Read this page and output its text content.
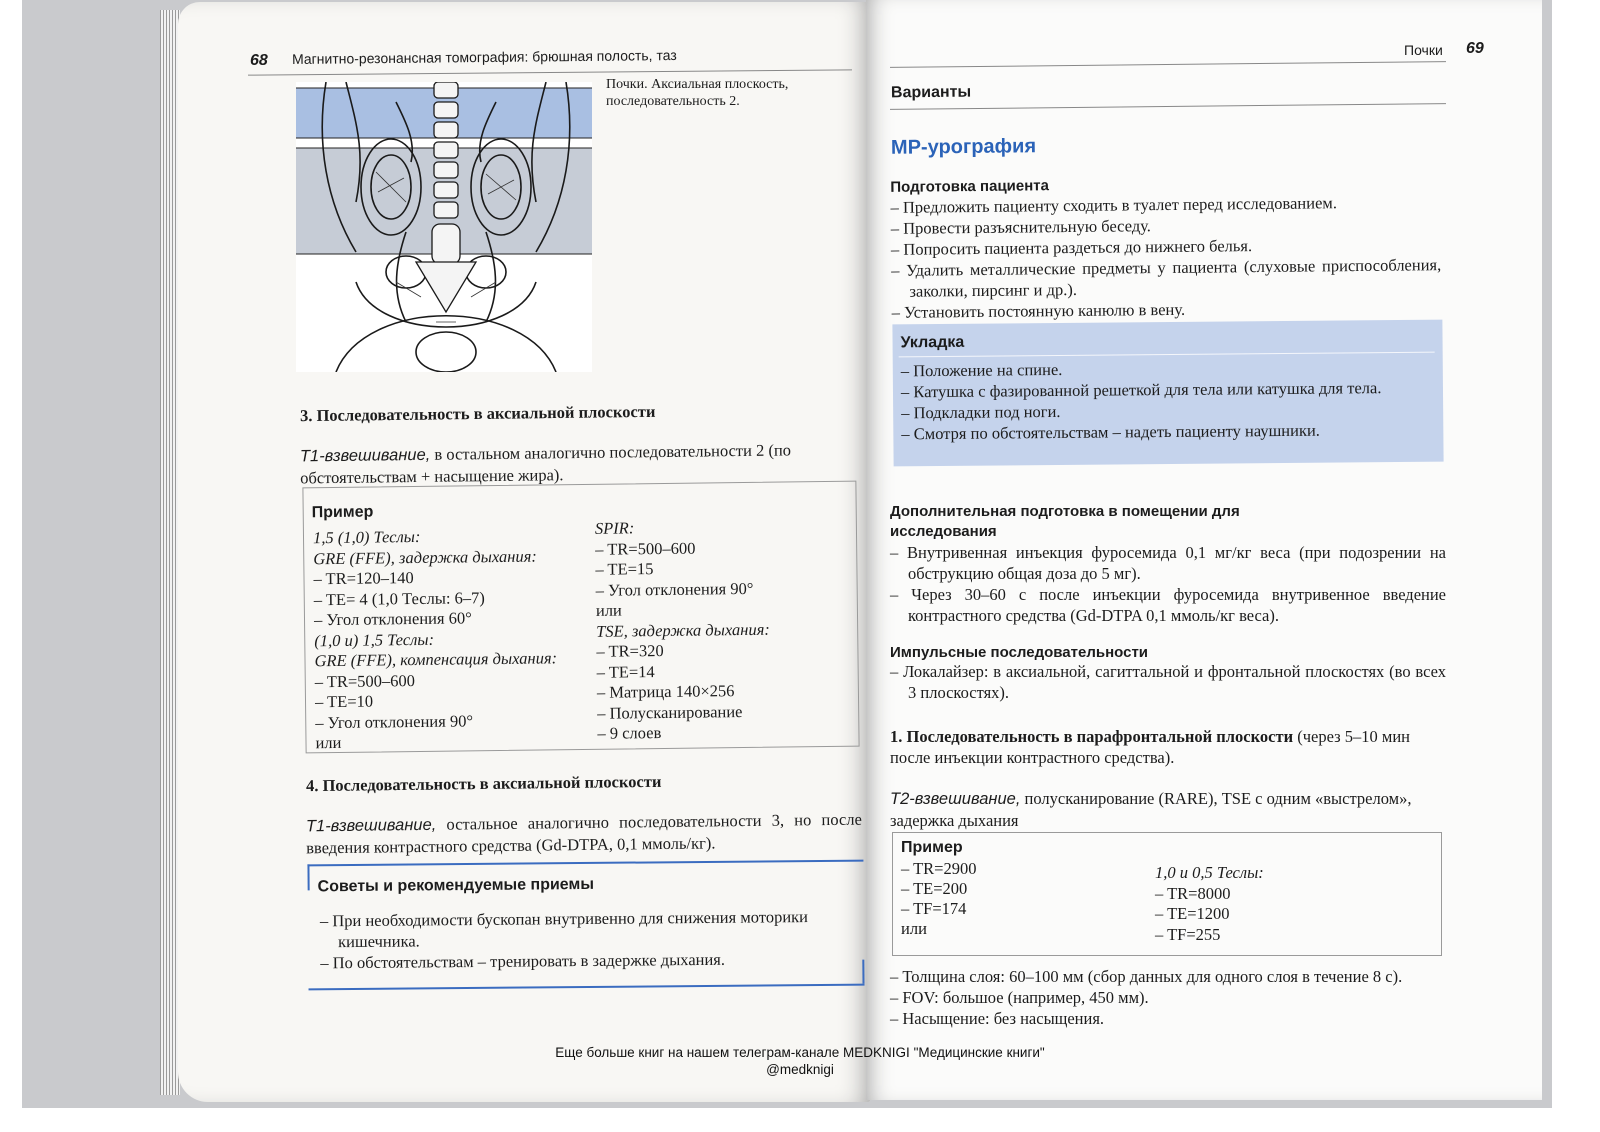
68 Магнитно-резонансная томография: брюшная полость, таз
Почки. Аксиальная плоскость, последовательность 2.
3. Последовательность в аксиальной плоскости
Т1-взвешивание, в остальном аналогично последовательности 2 (по обстоятельствам + насыщение жира).
Пример
1,5 (1,0) Теслы:
GRE (FFE), задержка дыхания:
– TR=120–140
– TE= 4 (1,0 Теслы: 6–7)
– Угол отклонения 60°
(1,0 и) 1,5 Теслы:
GRE (FFE), компенсация дыхания:
– TR=500–600
– TE=10
– Угол отклонения 90°
или
SPIR:
– TR=500–600
– TE=15
– Угол отклонения 90°
или
TSE, задержка дыхания:
– TR=320
– TE=14
– Матрица 140×256
– Полусканирование
– 9 слоев
4. Последовательность в аксиальной плоскости
Т1-взвешивание, остальное аналогично последовательности 3, но после введения контрастного средства (Gd-DTPA, 0,1 ммоль/кг).
Советы и рекомендуемые приемы
– При необходимости бускопан внутривенно для снижения моторики кишечника.
– По обстоятельствам – тренировать в задержке дыхания.
Почки 69
Варианты
МР-урография
Подготовка пациента
– Предложить пациенту сходить в туалет перед исследованием.
– Провести разъяснительную беседу.
– Попросить пациента раздеться до нижнего белья.
– Удалить металлические предметы у пациента (слуховые приспособления, заколки, пирсинг и др.).
– Установить постоянную канюлю в вену.
Укладка
– Положение на спине.
– Катушка с фазированной решеткой для тела или катушка для тела.
– Подкладки под ноги.
– Смотря по обстоятельствам – надеть пациенту наушники.
Дополнительная подготовка в помещении для исследования
– Внутривенная инъекция фуросемида 0,1 мг/кг веса (при подозрении на обструкцию общая доза до 5 мг).
– Через 30–60 с после инъекции фуросемида внутривенное введение контрастного средства (Gd-DTPA 0,1 ммоль/кг веса).
Импульсные последовательности
– Локалайзер: в аксиальной, сагиттальной и фронтальной плоскостях (во всех 3 плоскостях).
1. Последовательность в парафронтальной плоскости (через 5–10 мин после инъекции контрастного средства).
Т2-взвешивание, полусканирование (RARE), TSE с одним «выстрелом», задержка дыхания
Пример
– TR=2900
– TE=200
– TF=174
или
1,0 и 0,5 Теслы:
– TR=8000
– TE=1200
– TF=255
– Толщина слоя: 60–100 мм (сбор данных для одного слоя в течение 8 с).
– FOV: большое (например, 450 мм).
– Насыщение: без насыщения.
Еще больше книг на нашем телеграм-канале MEDKNIGI "Медицинские книги"
@medknigi
